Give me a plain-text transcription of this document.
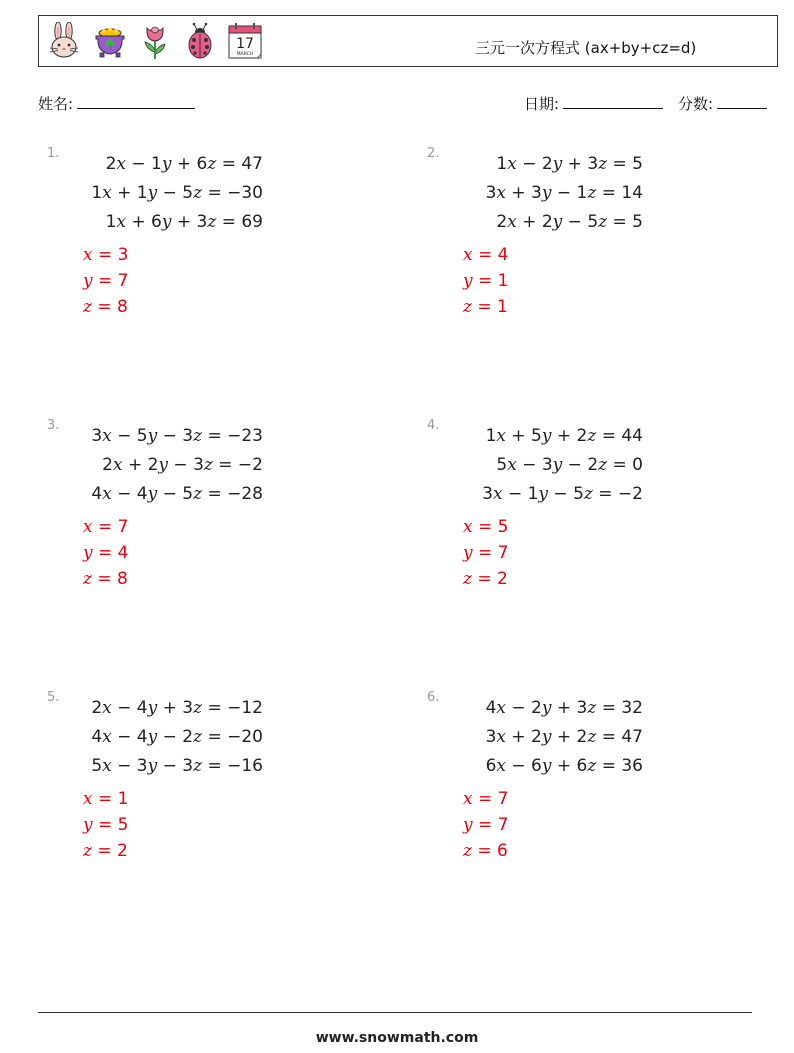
17
MARCH	三元一次方程式 (ax+by+cz=d)
姓名:	日期:	分数:
1.
2x − 1y + 6z = 47
1x + 1y − 5z = −30
1x + 6y + 3z = 69
x = 3
y = 7
z = 8
2.
1x − 2y + 3z = 5
3x + 3y − 1z = 14
2x + 2y − 5z = 5
x = 4
y = 1
z = 1
3.
3x − 5y − 3z = −23
2x + 2y − 3z = −2
4x − 4y − 5z = −28
x = 7
y = 4
z = 8
4.
1x + 5y + 2z = 44
5x − 3y − 2z = 0
3x − 1y − 5z = −2
x = 5
y = 7
z = 2
5.
2x − 4y + 3z = −12
4x − 4y − 2z = −20
5x − 3y − 3z = −16
x = 1
y = 5
z = 2
6.
4x − 2y + 3z = 32
3x + 2y + 2z = 47
6x − 6y + 6z = 36
x = 7
y = 7
z = 6
www.snowmath.com
